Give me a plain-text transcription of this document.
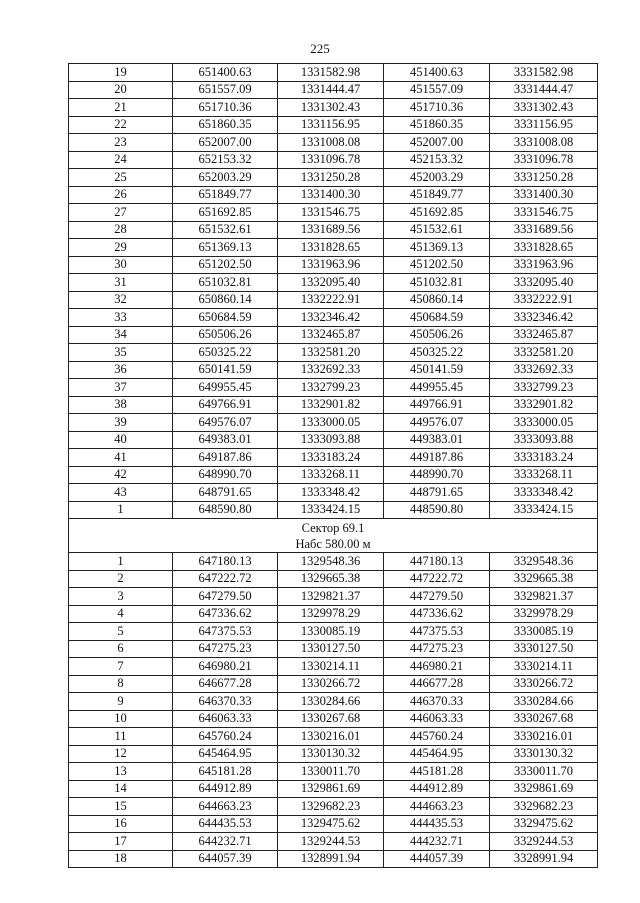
225
19	651400.63	1331582.98	451400.63	3331582.98
20	651557.09	1331444.47	451557.09	3331444.47
21	651710.36	1331302.43	451710.36	3331302.43
22	651860.35	1331156.95	451860.35	3331156.95
23	652007.00	1331008.08	452007.00	3331008.08
24	652153.32	1331096.78	452153.32	3331096.78
25	652003.29	1331250.28	452003.29	3331250.28
26	651849.77	1331400.30	451849.77	3331400.30
27	651692.85	1331546.75	451692.85	3331546.75
28	651532.61	1331689.56	451532.61	3331689.56
29	651369.13	1331828.65	451369.13	3331828.65
30	651202.50	1331963.96	451202.50	3331963.96
31	651032.81	1332095.40	451032.81	3332095.40
32	650860.14	1332222.91	450860.14	3332222.91
33	650684.59	1332346.42	450684.59	3332346.42
34	650506.26	1332465.87	450506.26	3332465.87
35	650325.22	1332581.20	450325.22	3332581.20
36	650141.59	1332692.33	450141.59	3332692.33
37	649955.45	1332799.23	449955.45	3332799.23
38	649766.91	1332901.82	449766.91	3332901.82
39	649576.07	1333000.05	449576.07	3333000.05
40	649383.01	1333093.88	449383.01	3333093.88
41	649187.86	1333183.24	449187.86	3333183.24
42	648990.70	1333268.11	448990.70	3333268.11
43	648791.65	1333348.42	448791.65	3333348.42
1	648590.80	1333424.15	448590.80	3333424.15

Сектор 69.1
Набс 580.00 м				

1	647180.13	1329548.36	447180.13	3329548.36
2	647222.72	1329665.38	447222.72	3329665.38
3	647279.50	1329821.37	447279.50	3329821.37
4	647336.62	1329978.29	447336.62	3329978.29
5	647375.53	1330085.19	447375.53	3330085.19
6	647275.23	1330127.50	447275.23	3330127.50
7	646980.21	1330214.11	446980.21	3330214.11
8	646677.28	1330266.72	446677.28	3330266.72
9	646370.33	1330284.66	446370.33	3330284.66
10	646063.33	1330267.68	446063.33	3330267.68
11	645760.24	1330216.01	445760.24	3330216.01
12	645464.95	1330130.32	445464.95	3330130.32
13	645181.28	1330011.70	445181.28	3330011.70
14	644912.89	1329861.69	444912.89	3329861.69
15	644663.23	1329682.23	444663.23	3329682.23
16	644435.53	1329475.62	444435.53	3329475.62
17	644232.71	1329244.53	444232.71	3329244.53
18	644057.39	1328991.94	444057.39	3328991.94
